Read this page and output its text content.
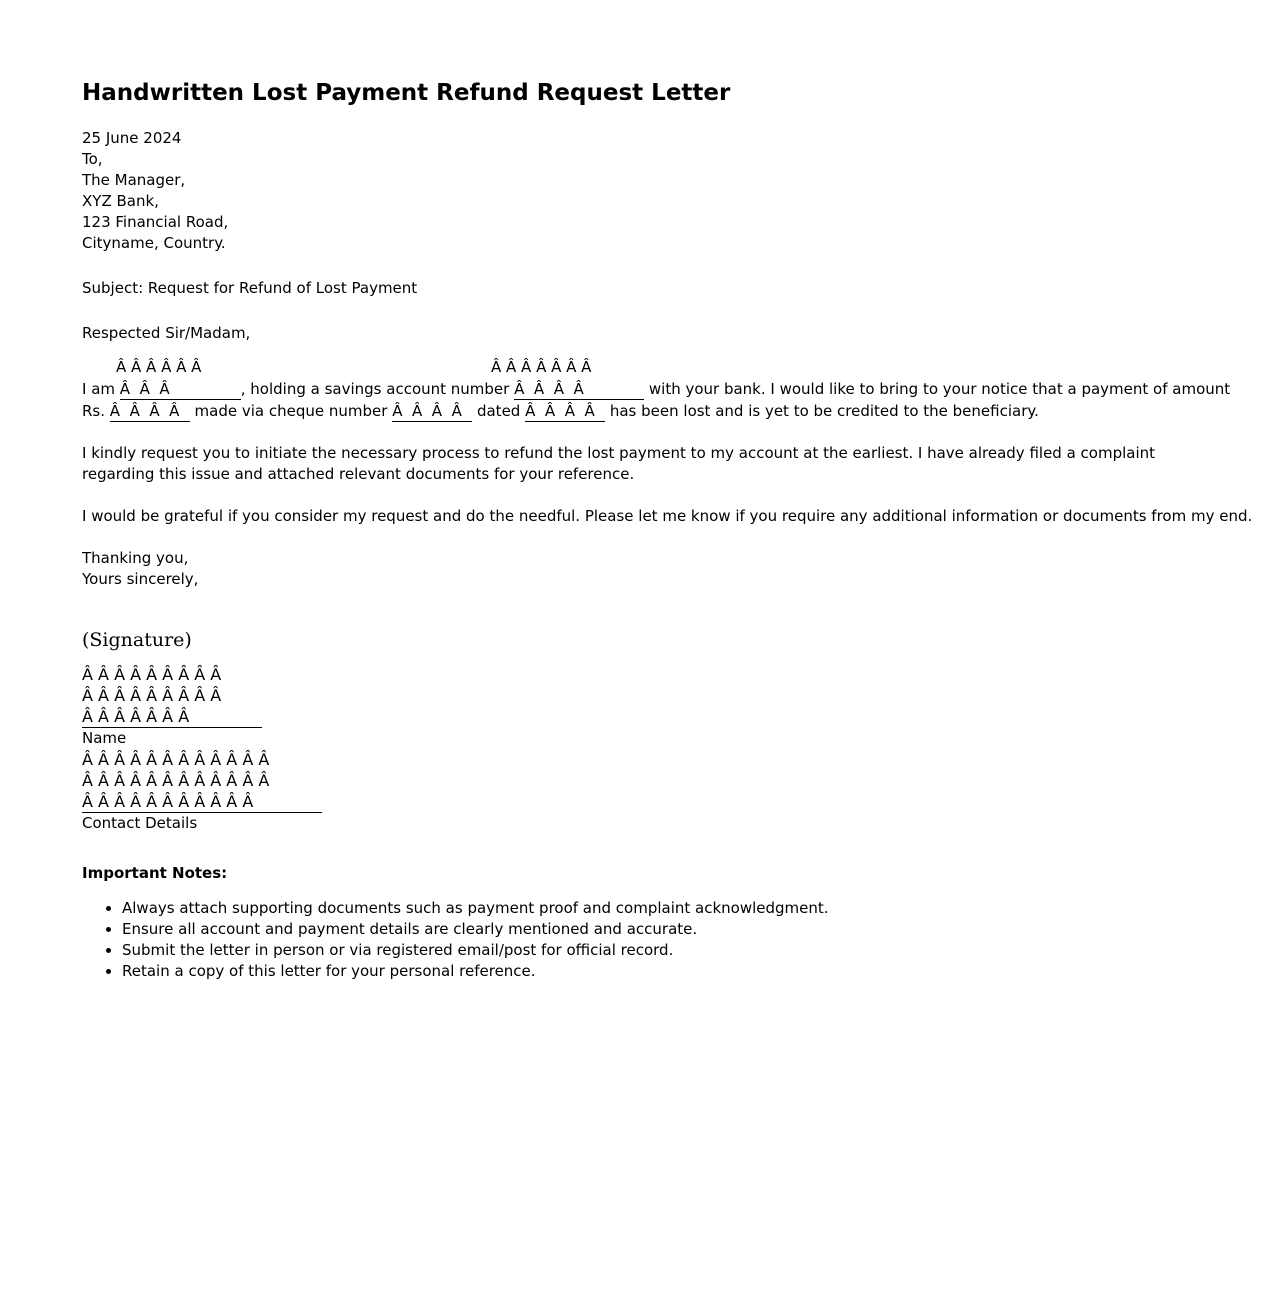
Handwritten Lost Payment Refund Request Letter
25 June 2024
To,
The Manager,
XYZ Bank,
123 Financial Road,
Cityname, Country.
Subject: Request for Refund of Lost Payment
Respected Sir/Madam,
Â Â Â Â Â Â	Â Â Â Â Â Â Â
I am Â  Â  Â         , holding a savings account number Â  Â  Â  Â         with your bank. I would like to bring to your notice that a payment of amount
Rs. Â  Â  Â  Â   made via cheque number Â  Â  Â  Â   dated Â  Â  Â  Â   has been lost and is yet to be credited to the beneficiary.
I kindly request you to initiate the necessary process to refund the lost payment to my account at the earliest. I have already filed a complaint regarding this issue and attached relevant documents for your reference.
I would be grateful if you consider my request and do the needful. Please let me know if you require any additional information or documents from my end.
Thanking you,
Yours sincerely,
(Signature)
Â Â Â Â Â Â Â Â Â
Â Â Â Â Â Â Â Â Â
Â Â Â Â Â Â Â
Name
Â Â Â Â Â Â Â Â Â Â Â Â
Â Â Â Â Â Â Â Â Â Â Â Â
Â Â Â Â Â Â Â Â Â Â Â
Contact Details
Important Notes:
• Always attach supporting documents such as payment proof and complaint acknowledgment.
• Ensure all account and payment details are clearly mentioned and accurate.
• Submit the letter in person or via registered email/post for official record.
• Retain a copy of this letter for your personal reference.
